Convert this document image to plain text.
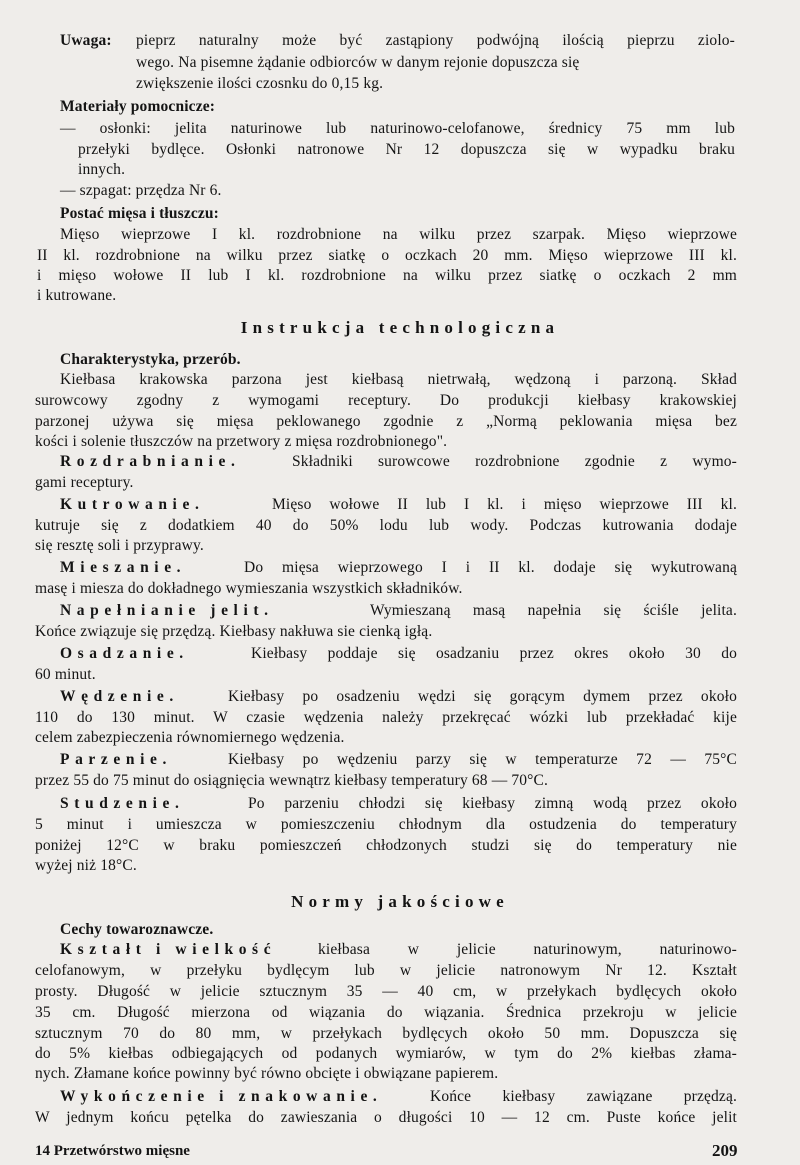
Uwaga: pieprz naturalny może być zastąpiony podwójną ilością pieprzu ziolo-
wego. Na pisemne żądanie odbiorców w danym rejonie dopuszcza się
zwiększenie ilości czosnku do 0,15 kg.
Materiały pomocnicze:
— osłonki: jelita naturinowe lub naturinowo-celofanowe, średnicy 75 mm lub
przełyki bydlęce. Osłonki natronowe Nr 12 dopuszcza się w wypadku braku
innych.
— szpagat: przędza Nr 6.
Postać mięsa i tłuszczu:
Mięso wieprzowe I kl. rozdrobnione na wilku przez szarpak. Mięso wieprzowe
II kl. rozdrobnione na wilku przez siatkę o oczkach 20 mm. Mięso wieprzowe III kl.
i mięso wołowe II lub I kl. rozdrobnione na wilku przez siatkę o oczkach 2 mm
i kutrowane.
Instrukcja technologiczna
Charakterystyka, przerób.
Kiełbasa krakowska parzona jest kiełbasą nietrwałą, wędzoną i parzoną. Skład
surowcowy zgodny z wymogami receptury. Do produkcji kiełbasy krakowskiej
parzonej używa się mięsa peklowanego zgodnie z „Normą peklowania mięsa bez
kości i solenie tłuszczów na przetwory z mięsa rozdrobnionego".
Rozdrabnianie.	Składniki surowcowe rozdrobnione zgodnie z wymo-
gami receptury.
Kutrowanie.	Mięso wołowe II lub I kl. i mięso wieprzowe III kl.
kutruje się z dodatkiem 40 do 50% lodu lub wody. Podczas kutrowania dodaje
się resztę soli i przyprawy.
Mieszanie.	Do mięsa wieprzowego I i II kl. dodaje się wykutrowaną
masę i miesza do dokładnego wymieszania wszystkich składników.
Napełnianie jelit.	Wymieszaną masą napełnia się ściśle jelita.
Końce związuje się przędzą. Kiełbasy nakłuwa sie cienką igłą.
Osadzanie.	Kiełbasy poddaje się osadzaniu przez okres około 30 do
60 minut.
Wędzenie.	Kiełbasy po osadzeniu wędzi się gorącym dymem przez około
110 do 130 minut. W czasie wędzenia należy przekręcać wózki lub przekładać kije
celem zabezpieczenia równomiernego wędzenia.
Parzenie.	Kiełbasy po wędzeniu parzy się w temperaturze 72 — 75°C
przez 55 do 75 minut do osiągnięcia wewnątrz kiełbasy temperatury 68 — 70°C.
Studzenie.	Po parzeniu chłodzi się kiełbasy zimną wodą przez około
5 minut i umieszcza w pomieszczeniu chłodnym dla ostudzenia do temperatury
poniżej 12°C w braku pomieszczeń chłodzonych studzi się do temperatury nie
wyżej niż 18°C.
Normy jakościowe
Cechy towaroznawcze.
Kształt i wielkość	kiełbasa w jelicie naturinowym, naturinowo-
celofanowym, w przełyku bydlęcym lub w jelicie natronowym Nr 12. Kształt
prosty. Długość w jelicie sztucznym 35 — 40 cm, w przełykach bydlęcych około
35 cm. Długość mierzona od wiązania do wiązania. Średnica przekroju w jelicie
sztucznym 70 do 80 mm, w przełykach bydlęcych około 50 mm. Dopuszcza się
do 5% kiełbas odbiegających od podanych wymiarów, w tym do 2% kiełbas złama-
nych. Złamane końce powinny być równo obcięte i obwiązane papierem.
Wykończenie i znakowanie.	Końce kiełbasy zawiązane przędzą.
W jednym końcu pętelka do zawieszania o długości 10 — 12 cm. Puste końce jelit
14 Przetwórstwo mięsne	209
